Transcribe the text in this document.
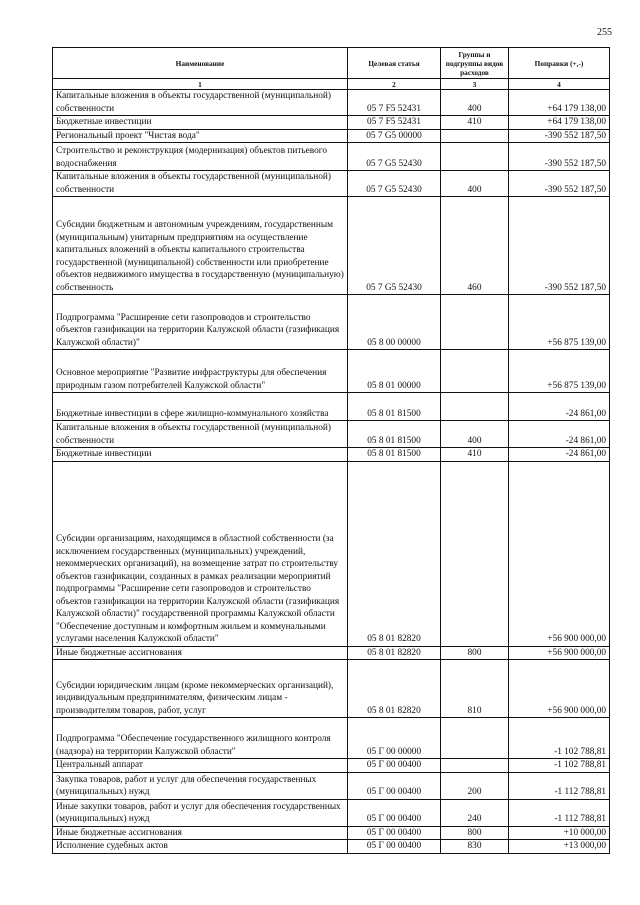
255
Наименование	Целевая статья	Группы и подгруппы видов расходов	Поправки (+,-)
1	2	3	4
Капитальные вложения в объекты государственной (муниципальной) собственности	05 7 F5 52431	400	+64 179 138,00
Бюджетные инвестиции	05 7 F5 52431	410	+64 179 138,00
Региональный проект "Чистая вода"	05 7 G5 00000		-390 552 187,50
Строительство и реконструкция (модернизация) объектов питьевого водоснабжения	05 7 G5 52430		-390 552 187,50
Капитальные вложения в объекты государственной (муниципальной) собственности	05 7 G5 52430	400	-390 552 187,50
Субсидии бюджетным и автономным учреждениям, государственным (муниципальным) унитарным предприятиям на осуществление капитальных вложений в объекты капитального строительства государственной (муниципальной) собственности или приобретение объектов недвижимого имущества в государственную (муниципальную) собственность	05 7 G5 52430	460	-390 552 187,50
Подпрограмма "Расширение сети газопроводов и строительство объектов газификации на территории Калужской области (газификация Калужской области)"	05 8 00 00000		+56 875 139,00
Основное мероприятие "Развитие инфраструктуры для обеспечения природным газом потребителей Калужской области"	05 8 01 00000		+56 875 139,00
Бюджетные инвестиции в сфере жилищно-коммунального хозяйства	05 8 01 81500		-24 861,00
Капитальные вложения в объекты государственной (муниципальной) собственности	05 8 01 81500	400	-24 861,00
Бюджетные инвестиции	05 8 01 81500	410	-24 861,00
Субсидии организациям, находящимся в областной собственности (за исключением государственных (муниципальных) учреждений, некоммерческих организаций), на возмещение затрат по строительству объектов газификации, созданных в рамках реализации мероприятий подпрограммы "Расширение сети газопроводов и строительство объектов газификации на территории Калужской области (газификация Калужской области)" государственной программы Калужской области "Обеспечение доступным и комфортным жильем и коммунальными услугами населения Калужской области"	05 8 01 82820		+56 900 000,00
Иные бюджетные ассигнования	05 8 01 82820	800	+56 900 000,00
Субсидии юридическим лицам (кроме некоммерческих организаций), индивидуальным предпринимателям, физическим лицам - производителям товаров, работ, услуг	05 8 01 82820	810	+56 900 000,00
Подпрограмма "Обеспечение государственного жилищного контроля (надзора) на территории Калужской области"	05 Г 00 00000		-1 102 788,81
Центральный аппарат	05 Г 00 00400		-1 102 788,81
Закупка товаров, работ и услуг для обеспечения государственных (муниципальных) нужд	05 Г 00 00400	200	-1 112 788,81
Иные закупки товаров, работ и услуг для обеспечения государственных (муниципальных) нужд	05 Г 00 00400	240	-1 112 788,81
Иные бюджетные ассигнования	05 Г 00 00400	800	+10 000,00
Исполнение судебных актов	05 Г 00 00400	830	+13 000,00
